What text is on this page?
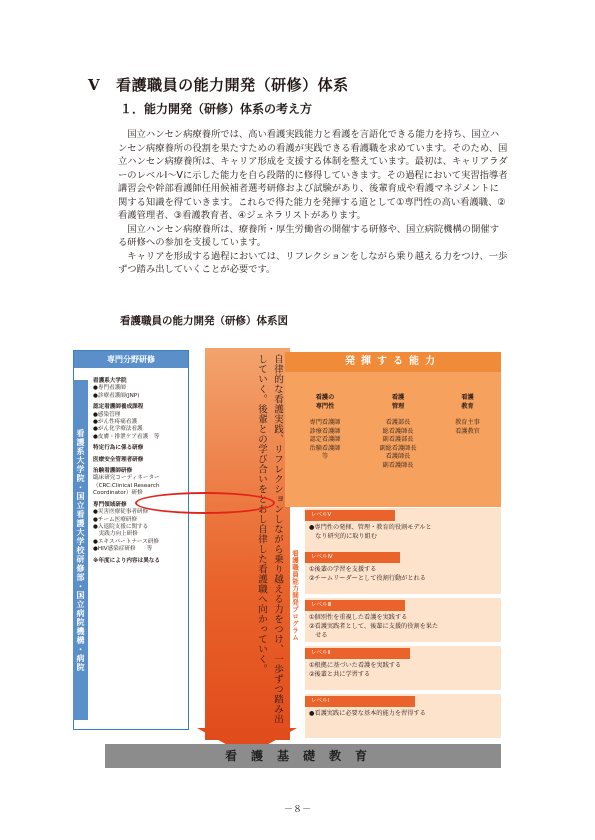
Ⅴ 看護職員の能力開発（研修）体系
１．能力開発（研修）体系の考え方

国立ハンセン病療養所では、高い看護実践能力と看護を言語化できる能力を持ち、国立ハンセン病療養所の役割を果たすための看護が実践できる看護職を求めています。そのため、国立ハンセン病療養所は、キャリア形成を支援する体制を整えています。最初は、キャリアラダーのレベルⅠ～Ⅴに示した能力を自ら段階的に修得していきます。その過程において実習指導者講習会や幹部看護師任用候補者選考研修および試験があり、後輩育成や看護マネジメントに関する知識を得ていきます。これらで得た能力を発揮する道として①専門性の高い看護職、②看護管理者、③看護教育者、④ジェネラリストがあります。

国立ハンセン病療養所は、療養所・厚生労働省の開催する研修や、国立病院機構の開催する研修への参加を支援しています。

キャリアを形成する過程においては、リフレクションをしながら乗り越える力をつけ、一歩ずつ踏み出していくことが必要です。

看護職員の能力開発（研修）体系図
専門分野研修
看護系大学院・国立看護大学校研修部・国立病院機構・病院
看護系大学院
●専門看護師
●診療看護師(JNP)
認定看護師養成課程
●感染管理
●がん性疼痛看護
●がん化学療法看護
●皮膚・排泄ケア看護　等
特定行為に係る研修
医療安全管理者研修
治験看護師研修
臨床研究コーディネーター
（CRC:Clinical Research
Coordinator）研修
専門領域研修
●災害医療従事者研修
●チーム医療研修
●入退院支援に関する
　実践力向上研修
●エキスパートナース研修
●HIV感染症研修　　等
※年度により内容は異なる	自律的な看護実践、リフレクションしながら乗り越える力をつけ、一歩ずつ踏み出していく。後輩との学び合いをとおし自律した看護職へ向かっていく。	発揮する能力
看護の
専門性
専門看護師
診療看護師
認定看護師
治験看護師
等
看護
管理
看護部長
総看護師長
副看護部長
副総看護師長
看護師長
副看護師長
看護
教育
教育主事
看護教官
看護職員能力開発プログラム
レベルⅤ
●専門性の発揮、管理・教育的役割モデルと
　なり研究的に取り組む
レベルⅣ
①後輩の学習を支援する
②チームリーダーとして役割行動がとれる
レベルⅢ
①個別性を重視した看護を実践する
②看護実践者として、後輩に支援的役割を果た
　せる
レベルⅡ
①根拠に基づいた看護を実践する
②後輩と共に学習する
レベルⅠ
●看護実践に必要な基本的能力を習得する
看護基礎教育
－８－
